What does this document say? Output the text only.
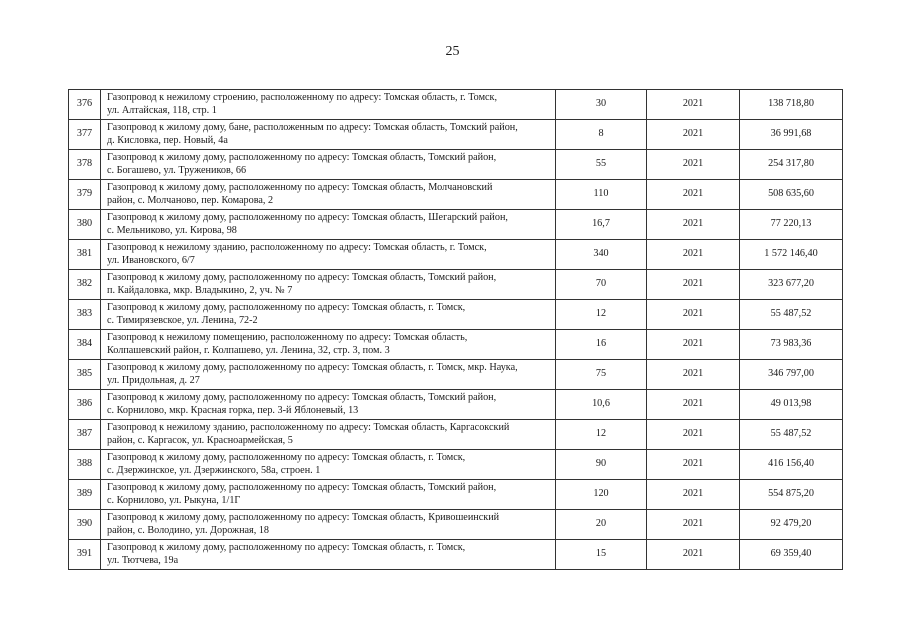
25
376	Газопровод к нежилому строению, расположенному по адресу: Томская область, г. Томск,
ул. Алтайская, 118, стр. 1	30	2021	138 718,80
377	Газопровод к жилому дому, бане, расположенным по адресу: Томская область, Томский район,
д. Кисловка, пер. Новый, 4а	8	2021	36 991,68
378	Газопровод к жилому дому, расположенному по адресу: Томская область, Томский район,
с. Богашево, ул. Тружеников, 66	55	2021	254 317,80
379	Газопровод к жилому дому, расположенному по адресу: Томская область, Молчановский
район, с. Молчаново, пер. Комарова, 2	110	2021	508 635,60
380	Газопровод к жилому дому, расположенному по адресу: Томская область, Шегарский район,
с. Мельниково, ул. Кирова, 98	16,7	2021	77 220,13
381	Газопровод к нежилому зданию, расположенному по адресу: Томская область, г. Томск,
ул. Ивановского, 6/7	340	2021	1 572 146,40
382	Газопровод к жилому дому, расположенному по адресу: Томская область, Томский район,
п. Кайдаловка, мкр. Владыкино, 2, уч. № 7	70	2021	323 677,20
383	Газопровод к жилому дому, расположенному по адресу: Томская область, г. Томск,
с. Тимирязевское, ул. Ленина, 72-2	12	2021	55 487,52
384	Газопровод к нежилому помещению, расположенному по адресу: Томская область,
Колпашевский район, г. Колпашево, ул. Ленина, 32, стр. 3, пом. 3	16	2021	73 983,36
385	Газопровод к жилому дому, расположенному по адресу: Томская область, г. Томск, мкр. Наука,
ул. Придольная, д. 27	75	2021	346 797,00
386	Газопровод к жилому дому, расположенному по адресу: Томская область, Томский район,
с. Корнилово, мкр. Красная горка, пер. 3-й Яблоневый, 13	10,6	2021	49 013,98
387	Газопровод к нежилому зданию, расположенному по адресу: Томская область, Каргасокский
район, с. Каргасок, ул. Красноармейская, 5	12	2021	55 487,52
388	Газопровод к жилому дому, расположенному по адресу: Томская область, г. Томск,
с. Дзержинское, ул. Дзержинского, 58а, строен. 1	90	2021	416 156,40
389	Газопровод к жилому дому, расположенному по адресу: Томская область, Томский район,
с. Корнилово, ул. Рыкуна, 1/1Г	120	2021	554 875,20
390	Газопровод к жилому дому, расположенному по адресу: Томская область, Кривошеинский
район, с. Володино, ул. Дорожная, 18	20	2021	92 479,20
391	Газопровод к жилому дому, расположенному по адресу: Томская область, г. Томск,
ул. Тютчева, 19а	15	2021	69 359,40
